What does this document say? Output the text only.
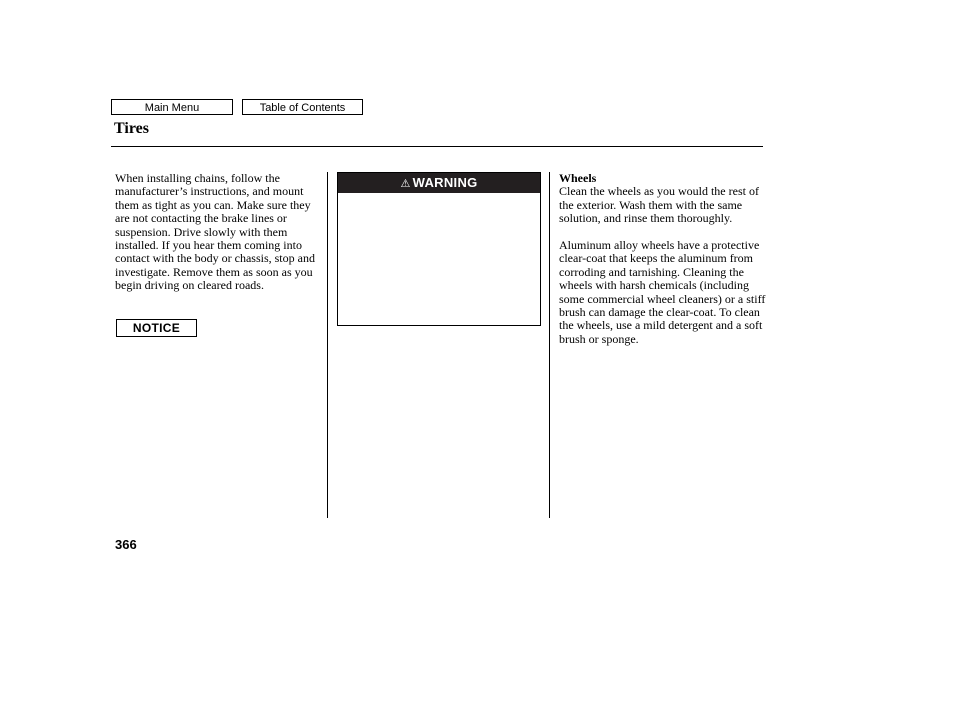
Main Menu	Table of Contents
Tires

When installing chains, follow the manufacturer’s instructions, and mount them as tight as you can. Make sure they are not contacting the brake lines or suspension. Drive slowly with them installed. If you hear them coming into contact with the body or chassis, stop and investigate. Remove them as soon as you begin driving on cleared roads.

NOTICE
⚠ WARNING	Wheels

Clean the wheels as you would the rest of the exterior. Wash them with the same solution, and rinse them thoroughly.

Aluminum alloy wheels have a protective clear-coat that keeps the aluminum from corroding and tarnishing. Cleaning the wheels with harsh chemicals (including some commercial wheel cleaners) or a stiff brush can damage the clear-coat. To clean the wheels, use a mild detergent and a soft brush or sponge.

366
